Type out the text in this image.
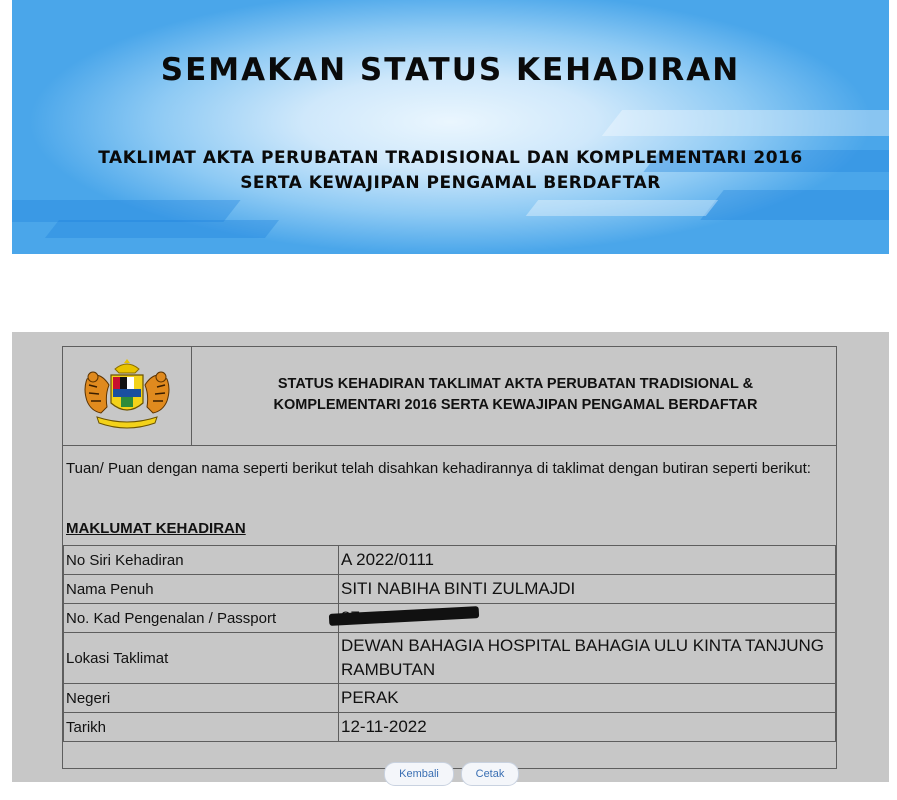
SEMAKAN STATUS KEHADIRAN
TAKLIMAT AKTA PERUBATAN TRADISIONAL DAN KOMPLEMENTARI 2016
SERTA KEWAJIPAN PENGAMAL BERDAFTAR
STATUS KEHADIRAN TAKLIMAT AKTA PERUBATAN TRADISIONAL &
KOMPLEMENTARI 2016 SERTA KEWAJIPAN PENGAMAL BERDAFTAR
Tuan/ Puan dengan nama seperti berikut telah disahkan kehadirannya di taklimat dengan butiran seperti berikut:
MAKLUMAT KEHADIRAN
No Siri Kehadiran	A 2022/0111
Nama Penuh	SITI NABIHA BINTI ZULMAJDI
No. Kad Pengenalan / Passport	

Lokasi Taklimat	DEWAN BAHAGIA HOSPITAL BAHAGIA ULU KINTA TANJUNG RAMBUTAN
Negeri	PERAK
Tarikh	12-11-2022
Kembali	Cetak
